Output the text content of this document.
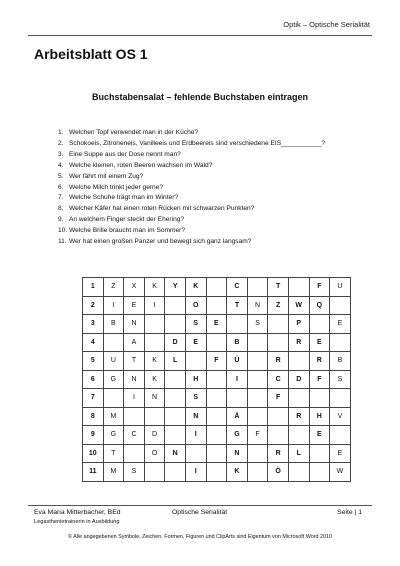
Optik – Optische Serialität
Arbeitsblatt OS 1
Buchstabensalat – fehlende Buchstaben eintragen
1. Welchen Topf verwendet man in der Küche?
2. Schokoeis, Zitroneneis, Vanilleeis und Erdbeereis sind verschiedene EIS___________?
3. Eine Suppe aus der Dose nennt man?
4. Welche kleinen, roten Beeren wachsen im Wald?
5. Wer fährt mit einem Zug?
6. Welche Milch trinkt jeder gerne?
7. Welche Schuhe trägt man im Winter?
8. Welcher Käfer hat einen roten Rücken mit schwarzen Punkten?
9. An welchem Finger steckt der Ehering?
10. Welche Brille braucht man im Sommer?
11. Wer hat einen großen Panzer und bewegt sich ganz langsam?
1	Z	X	K	Y	K		C		T		F	U
2	I	E	I		O		T	N	Z	W	Q	
3	B	N			S	E		S		P		E
4		A		D	E		B			R	E	
5	U	T	K	L		F	Ü		R		R	B
6	G	N	K		H		I		C	D	F	S
7		I	N		S				F			
8	M				N		Ä			R	H	V
9	G	C	D		I		G	F			E	
10	T		O	N			N		R	L		E
11	M	S			I		K		Ö			W
Eva Maria Mitterbacher, BEd
Legasthenietrainerin in Ausbildung
Optische Serialität	Seite | 1
© Alle angegebenen Symbole, Zeichen, Formen, Figuren und ClipArts sind Eigentum von Microsoft Word 2010
